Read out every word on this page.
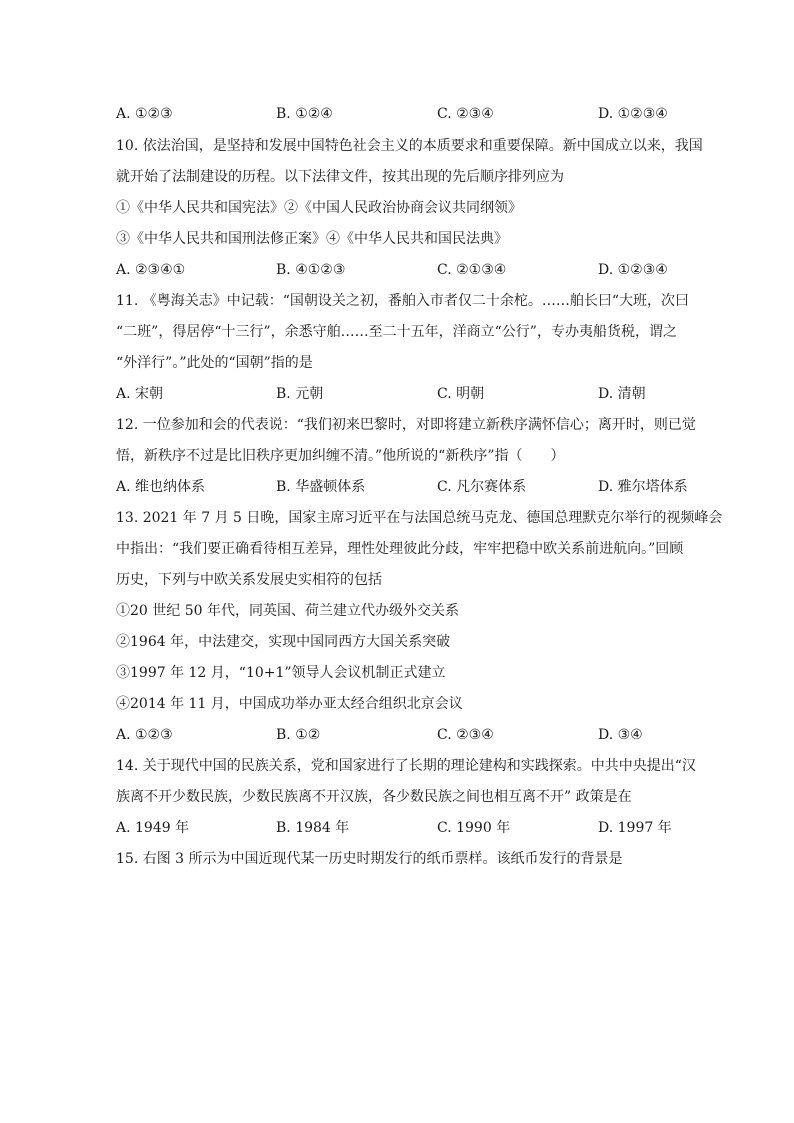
A. ①②③	B. ①②④	C. ②③④	D. ①②③④
10. 依法治国，是坚持和发展中国特色社会主义的本质要求和重要保障。新中国成立以来，我国
就开始了法制建设的历程。以下法律文件，按其出现的先后顺序排列应为
①《中华人民共和国宪法》②《中国人民政治协商会议共同纲领》
③《中华人民共和国刑法修正案》④《中华人民共和国民法典》
A. ②③④①	B. ④①②③	C. ②①③④	D. ①②③④
11. 《粤海关志》中记载：“国朝设关之初，番舶入市者仅二十余柁。……舶长曰“大班，次曰
“二班”，得居停“十三行”，余悉守舶……至二十五年，洋商立“公行”，专办夷船货税，谓之
“外洋行”。”此处的“国朝”指的是
A. 宋朝	B. 元朝	C. 明朝	D. 清朝
12. 一位参加和会的代表说：“我们初来巴黎时，对即将建立新秩序满怀信心；离开时，则已觉
悟，新秩序不过是比旧秩序更加纠缠不清。”他所说的“新秩序”指（　　）
A. 维也纳体系	B. 华盛顿体系	C. 凡尔赛体系	D. 雅尔塔体系
13. 2021 年 7 月 5 日晚，国家主席习近平在与法国总统马克龙、德国总理默克尔举行的视频峰会
中指出：“我们要正确看待相互差异，理性处理彼此分歧，牢牢把稳中欧关系前进航向。”回顾
历史，下列与中欧关系发展史实相符的包括
①20 世纪 50 年代，同英国、荷兰建立代办级外交关系
②1964 年，中法建交，实现中国同西方大国关系突破
③1997 年 12 月，“10+1”领导人会议机制正式建立
④2014 年 11 月，中国成功举办亚太经合组织北京会议
A. ①②③	B. ①②	C. ②③④	D. ③④
14. 关于现代中国的民族关系，党和国家进行了长期的理论建构和实践探索。中共中央提出“汉
族离不开少数民族，少数民族离不开汉族，各少数民族之间也相互离不开” 政策是在
A. 1949 年	B. 1984 年	C. 1990 年	D. 1997 年
15. 右图 3 所示为中国近现代某一历史时期发行的纸币票样。该纸币发行的背景是
